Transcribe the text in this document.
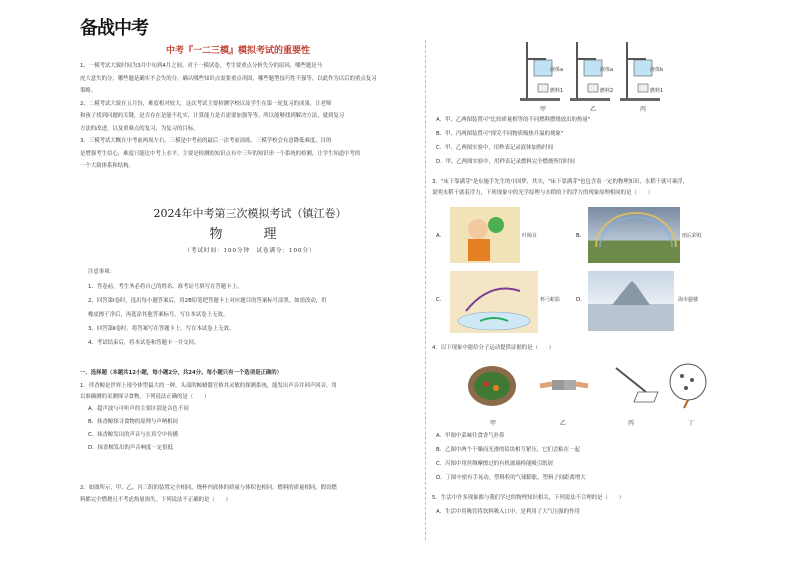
备战中考
中考『一二三模』模拟考试的重要性
1、一模考试大致时间为3月中旬到4月之间。对于一模试卷，考生要重点分析失分的原因，哪些题是马
虎大意失的分，哪些题是确实不会失的分，确认哪些知识点需要重点巩固，哪些题型技巧性不强等，以此作为以后的重点复习
策略。
2、二模考试大致在五月份，难度相对较大。这次考试主要检测学校以及学生在第一轮复习的成果，让老师
和孩子找到问题的关键，是否存在是能不扎实，计算能力是否需要加强等等。所以能够找到解决方法，就到复习
方法的改进，以及重难点的复习，为复习的目标。
3、三模考试大概在中考前两周左右，三模是中考前的最后一次考前演练。三模学校会有意降低难度，目的
是增强考生信心，难度只能比中考上水平，主要是检测的知识点有中三年的知识串一个系统的检测，让学生知道中考的
一个大致体系和结构。
2024年中考第三次模拟考试（镇江卷）
物　理
（考试时间：100分钟　试卷满分：100分）
注意事项：
1、答卷前，考生务必将自己的姓名、准考证号填写在答题卡上。
2、回答第Ⅰ卷时，选出每小题答案后，用2B铅笔把答题卡上对应题目的答案标号涂黑。如需改动，用
橡皮擦干净后，再选涂其他答案标号。写在本试卷上无效。
3、回答第Ⅱ卷时，将答案写在答题卡上。写在本试卷上无效。
4、考试结束后，将本试卷和答题卡一并交回。
一、选择题（本题共12小题，每小题2分，共24分。每小题只有一个选项是正确的）
1．伴香鲸是世界上现今体型最大的一种，头部的鲸蜡器官格其灵敏的探测系统，能发出声音并回声回音，用
以准确测的采测探寻食物，下列说法正确的是（　　）
A．超声波与可听声的主要区别是音色不同
B．抹香鲸探寻食物的原理与声呐相同
C．抹香鲸发出的声音与在真空中传播
D．抹香鲸发出的声音响度一定很低
2．如图所示，甲、乙、丙三组的装置完全相同，烧杯内液体的质量与体积也相同，燃料的质量相同，假设燃
料都完全燃烧且不考虑热量损失。下列说法不正确的是（　　）
液体a	液体a	液体b
燃料1	燃料2	燃料1
甲	乙	丙
A．甲、乙两图装置可"比较质量相等的不同燃料燃烧放出的热量"
B．甲、丙两图装置可"探究不同物质吸热升温的现象"
C．甲、乙两图实验中，用秒表记录液体加热时间
D．甲、乙两图实验中，用秒表记录燃料完全燃烧所用时间
3．"床下靠满芽"是东施手先生的中国梦，其实，"床下靠满芽"也包含着一定的物理知识，水稻干就可乘浮，
说明水稻干就着浮力，下列现象中的光学原理与水稻的下的浮力的现象原理相同的是（　　）
A．	叶障目	B．	雨后彩虹
C．	杯弓蛇影	D．	海市蜃楼
4．以下现象中能给分子运动提供证据的是（　　）
甲	乙	丙	丁
A．甲图中菜味往食香气扑鼻
B．乙图中两个干燥而光滑的铅块相互紧压，它们会粘在一起
C．丙图中用丝绸摩擦过的有机玻璃棒能吸引纸屑
D．丁图中密有手晃动，塑料粒的气球膨胀，塑料子间距离增大
5．生活中许多现象都与我们学过的物理知识相关，下列说法不合理的是（　　）
A．生活中用吸管将饮料吸入口中，是利用了大气压强的作用
